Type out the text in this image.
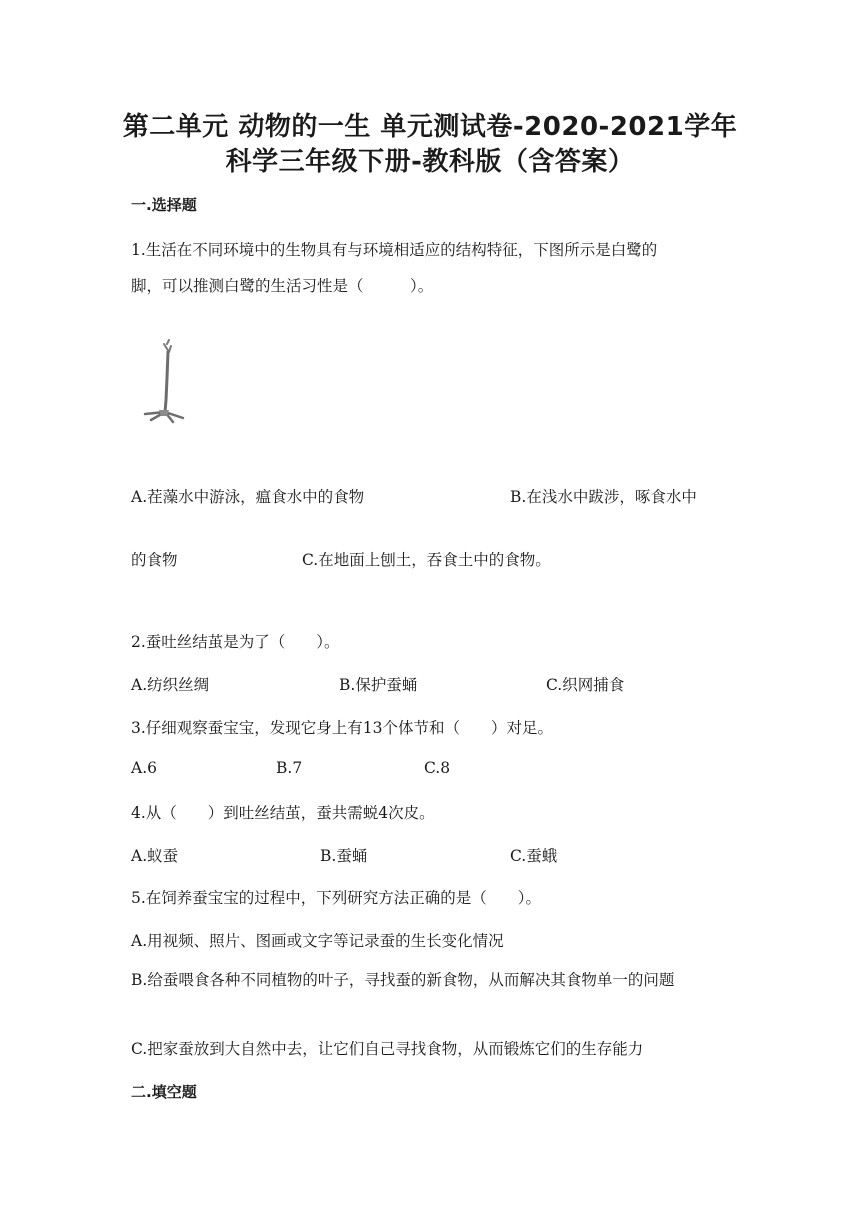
第二单元 动物的一生 单元测试卷-2020-2021学年
科学三年级下册-教科版（含答案）
一.选择题
1.生活在不同环境中的生物具有与环境相适应的结构特征，下图所示是白鹭的
脚，可以推测白鹭的生活习性是（　　　）。
A.茬藻水中游泳，瘟食水中的食物	B.在浅水中跋涉，啄食水中
的食物	C.在地面上刨土，吞食土中的食物。
2.蚕吐丝结茧是为了（　　）。
A.纺织丝绸	B.保护蚕蛹	C.织网捕食
3.仔细观察蚕宝宝，发现它身上有13个体节和（　　）对足。
A.6	B.7	C.8
4.从（　　）到吐丝结茧，蚕共需蜕4次皮。
A.蚁蚕	B.蚕蛹	C.蚕蛾
5.在饲养蚕宝宝的过程中，下列研究方法正确的是（　　）。
A.用视频、照片、图画或文字等记录蚕的生长变化情况
B.给蚕喂食各种不同植物的叶子，寻找蚕的新食物，从而解决其食物单一的问题
C.把家蚕放到大自然中去，让它们自己寻找食物，从而锻炼它们的生存能力
二.填空题
